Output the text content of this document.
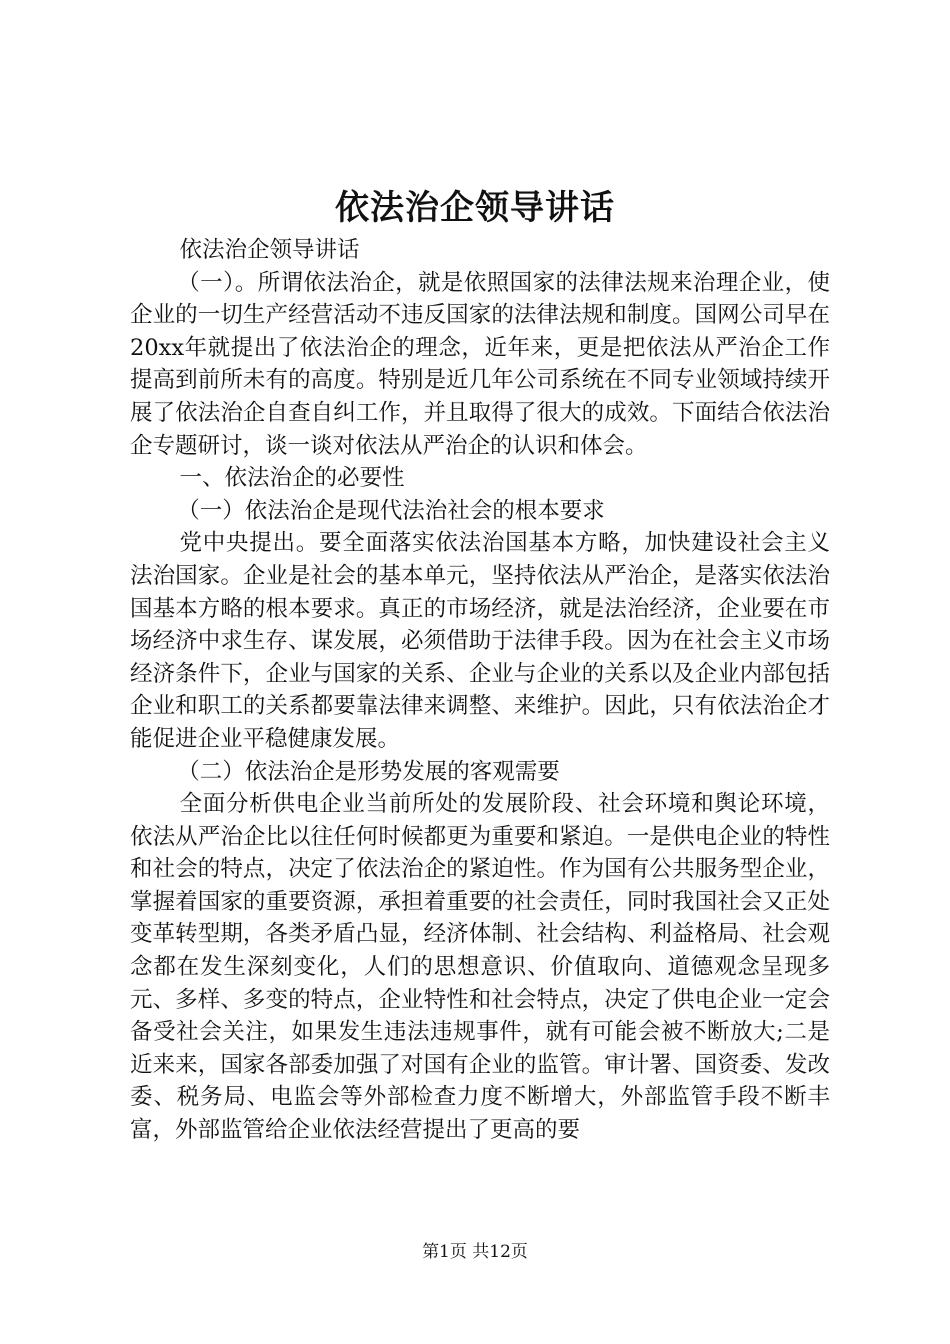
依法治企领导讲话

依法治企领导讲话

（一）。所谓依法治企，就是依照国家的法律法规来治理企业，使企业的一切生产经营活动不违反国家的法律法规和制度。国网公司早在20xx年就提出了依法治企的理念，近年来，更是把依法从严治企工作提高到前所未有的高度。特别是近几年公司系统在不同专业领域持续开展了依法治企自查自纠工作，并且取得了很大的成效。下面结合依法治企专题研讨，谈一谈对依法从严治企的认识和体会。

一、依法治企的必要性

（一）依法治企是现代法治社会的根本要求

党中央提出。要全面落实依法治国基本方略，加快建设社会主义法治国家。企业是社会的基本单元，坚持依法从严治企，是落实依法治国基本方略的根本要求。真正的市场经济，就是法治经济，企业要在市场经济中求生存、谋发展，必须借助于法律手段。因为在社会主义市场经济条件下，企业与国家的关系、企业与企业的关系以及企业内部包括企业和职工的关系都要靠法律来调整、来维护。因此，只有依法治企才能促进企业平稳健康发展。

（二）依法治企是形势发展的客观需要

全面分析供电企业当前所处的发展阶段、社会环境和舆论环境，依法从严治企比以往任何时候都更为重要和紧迫。一是供电企业的特性和社会的特点，决定了依法治企的紧迫性。作为国有公共服务型企业，掌握着国家的重要资源，承担着重要的社会责任，同时我国社会又正处变革转型期，各类矛盾凸显，经济体制、社会结构、利益格局、社会观念都在发生深刻变化，人们的思想意识、价值取向、道德观念呈现多元、多样、多变的特点，企业特性和社会特点，决定了供电企业一定会备受社会关注，如果发生违法违规事件，就有可能会被不断放大;二是近来来，国家各部委加强了对国有企业的监管。审计署、国资委、发改委、税务局、电监会等外部检查力度不断增大，外部监管手段不断丰富，外部监管给企业依法经营提出了更高的要

第1页 共12页
